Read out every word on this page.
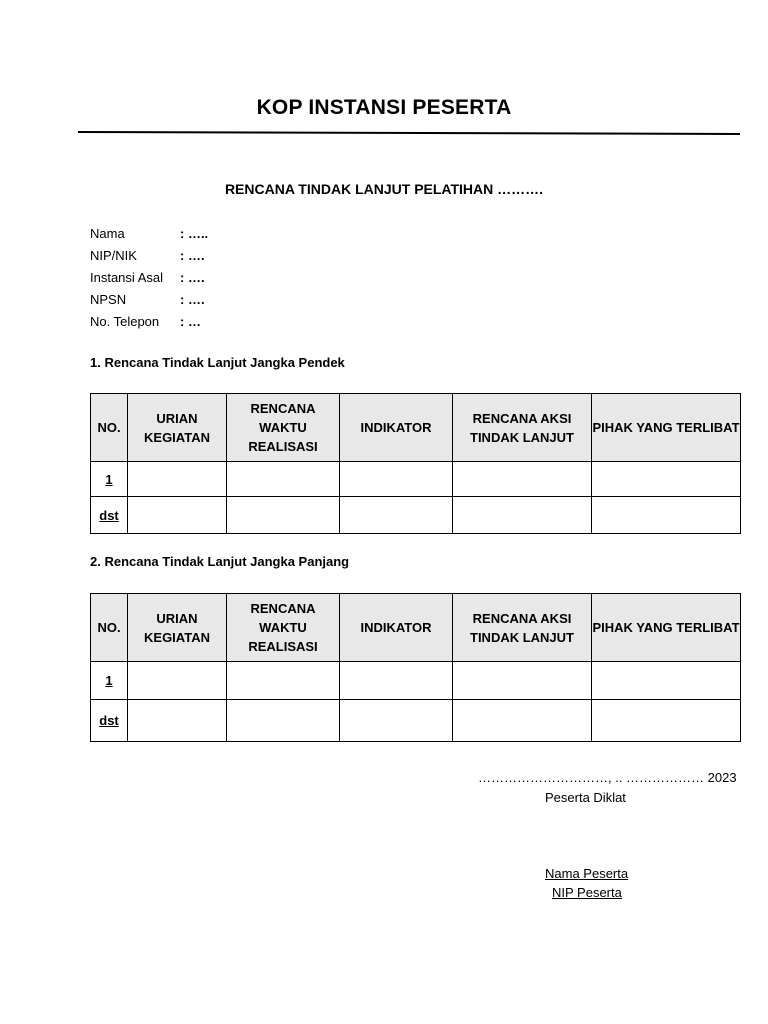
KOP INSTANSI PESERTA
RENCANA TINDAK LANJUT PELATIHAN ……….
Nama	: …..
NIP/NIK	: ….
Instansi Asal	: ….
NPSN	: ….
No. Telepon	: …
1. Rencana Tindak Lanjut Jangka Pendek
NO.	URIAN KEGIATAN	RENCANA WAKTU REALISASI	INDIKATOR	RENCANA AKSI TINDAK LANJUT	PIHAK YANG TERLIBAT
1					
dst					
2. Rencana Tindak Lanjut Jangka Panjang
NO.	URIAN KEGIATAN	RENCANA WAKTU REALISASI	INDIKATOR	RENCANA AKSI TINDAK LANJUT	PIHAK YANG TERLIBAT
1					
dst					
…………………………, .. ……………… 2023
Peserta Diklat
Nama Peserta
NIP Peserta
